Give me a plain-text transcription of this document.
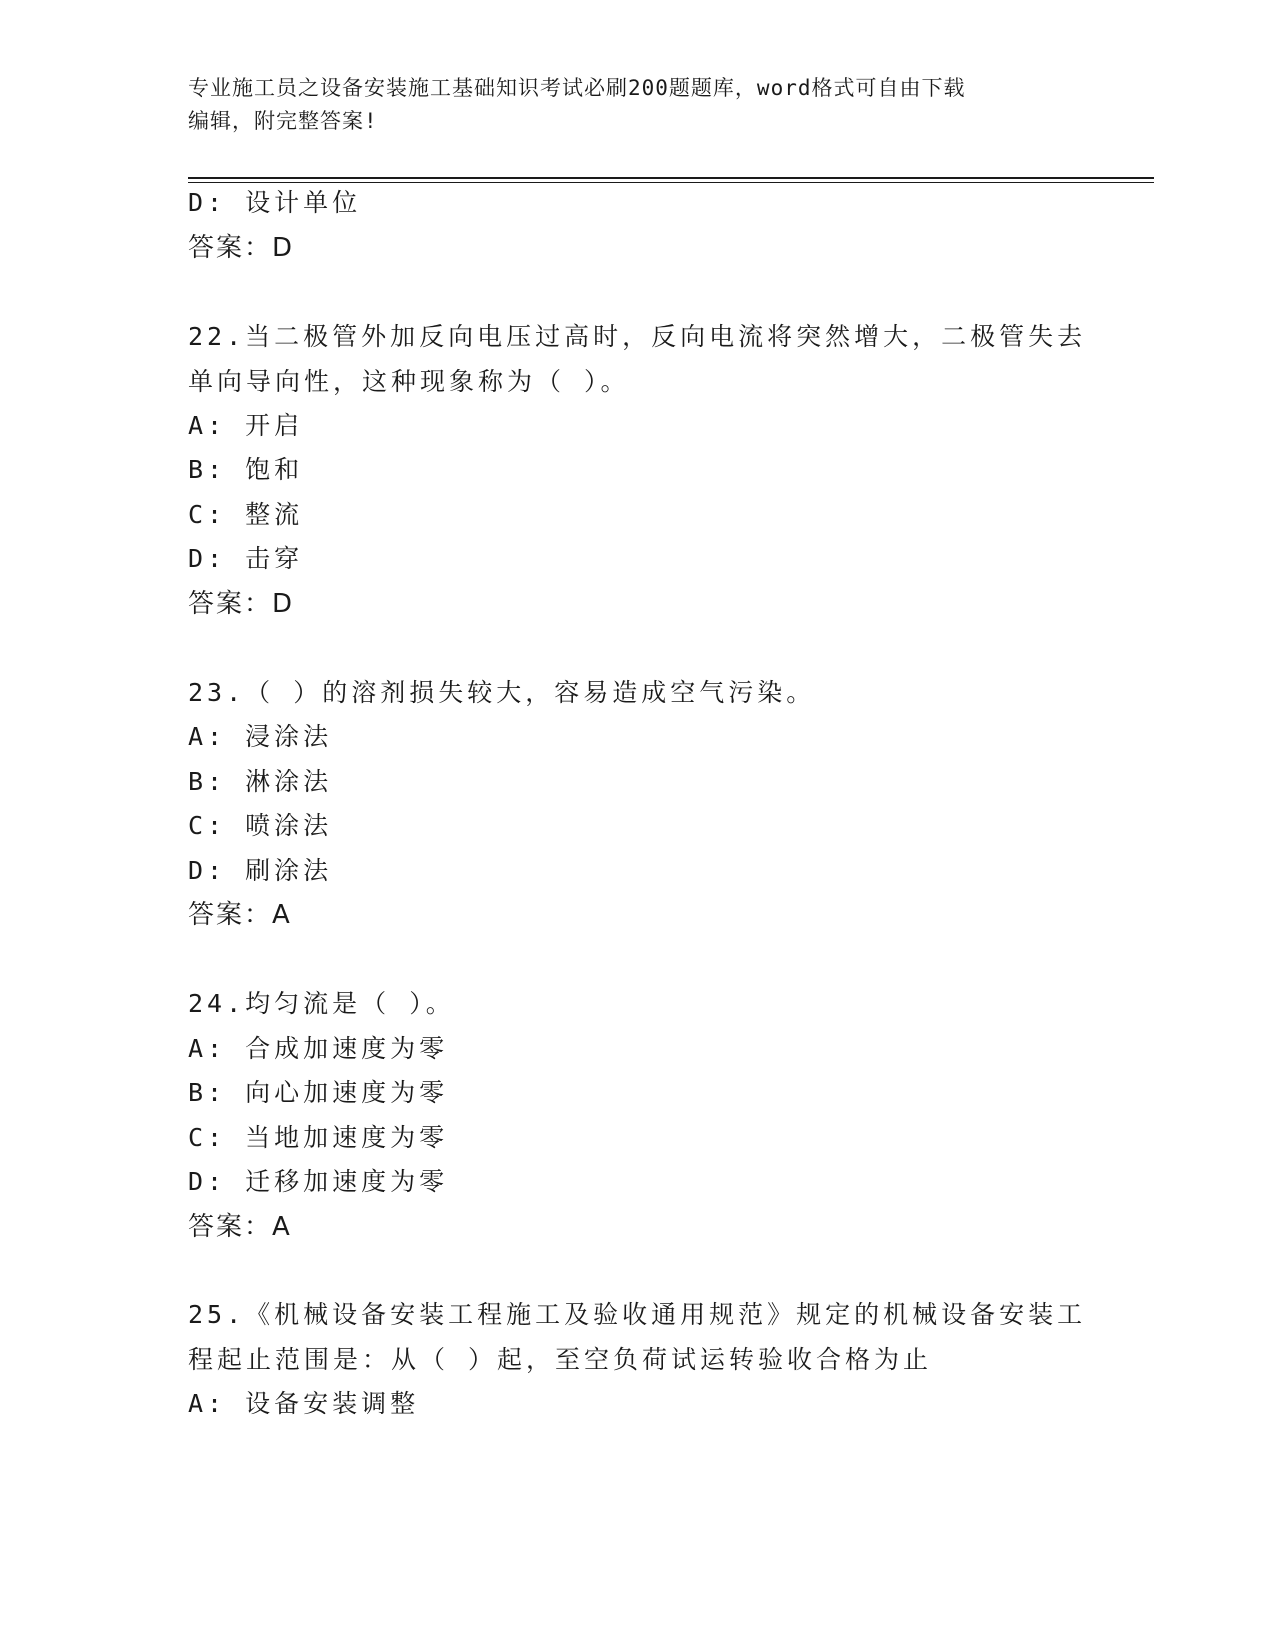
专业施工员之设备安装施工基础知识考试必刷200题题库，word格式可自由下载
编辑，附完整答案!
D: 设计单位
答案：D
22.当二极管外加反向电压过高时，反向电流将突然增大，二极管失去
单向导向性，这种现象称为（ ）。
A: 开启
B: 饱和
C: 整流
D: 击穿
答案：D
23.（ ）的溶剂损失较大，容易造成空气污染。
A: 浸涂法
B: 淋涂法
C: 喷涂法
D: 刷涂法
答案：A
24.均匀流是（ ）。
A: 合成加速度为零
B: 向心加速度为零
C: 当地加速度为零
D: 迁移加速度为零
答案：A
25.《机械设备安装工程施工及验收通用规范》规定的机械设备安装工
程起止范围是：从（ ）起，至空负荷试运转验收合格为止
A: 设备安装调整
